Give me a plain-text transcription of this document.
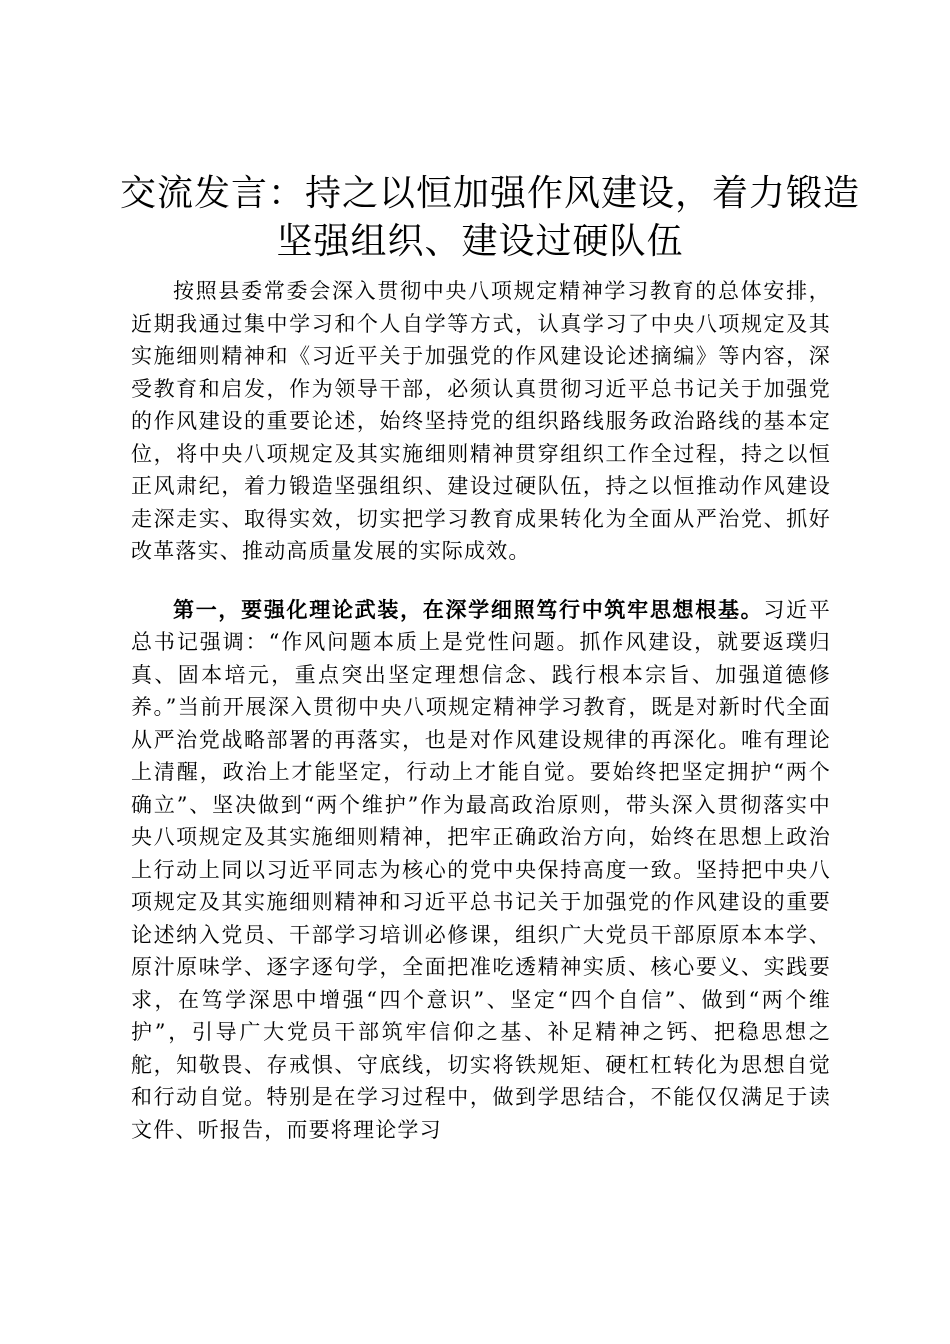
交流发言：持之以恒加强作风建设，着力锻造
坚强组织、建设过硬队伍

按照县委常委会深入贯彻中央八项规定精神学习教育的总体安排，近期我通过集中学习和个人自学等方式，认真学习了中央八项规定及其实施细则精神和《习近平关于加强党的作风建设论述摘编》等内容，深受教育和启发，作为领导干部，必须认真贯彻习近平总书记关于加强党的作风建设的重要论述，始终坚持党的组织路线服务政治路线的基本定位，将中央八项规定及其实施细则精神贯穿组织工作全过程，持之以恒正风肃纪，着力锻造坚强组织、建设过硬队伍，持之以恒推动作风建设走深走实、取得实效，切实把学习教育成果转化为全面从严治党、抓好改革落实、推动高质量发展的实际成效。

第一，要强化理论武装，在深学细照笃行中筑牢思想根基。习近平总书记强调：“作风问题本质上是党性问题。抓作风建设，就要返璞归真、固本培元，重点突出坚定理想信念、践行根本宗旨、加强道德修养。”当前开展深入贯彻中央八项规定精神学习教育，既是对新时代全面从严治党战略部署的再落实，也是对作风建设规律的再深化。唯有理论上清醒，政治上才能坚定，行动上才能自觉。要始终把坚定拥护“两个确立”、坚决做到“两个维护”作为最高政治原则，带头深入贯彻落实中央八项规定及其实施细则精神，把牢正确政治方向，始终在思想上政治上行动上同以习近平同志为核心的党中央保持高度一致。坚持把中央八项规定及其实施细则精神和习近平总书记关于加强党的作风建设的重要论述纳入党员、干部学习培训必修课，组织广大党员干部原原本本学、原汁原味学、逐字逐句学，全面把准吃透精神实质、核心要义、实践要求，在笃学深思中增强“四个意识”、坚定“四个自信”、做到“两个维护”，引导广大党员干部筑牢信仰之基、补足精神之钙、把稳思想之舵，知敬畏、存戒惧、守底线，切实将铁规矩、硬杠杠转化为思想自觉和行动自觉。特别是在学习过程中，做到学思结合，不能仅仅满足于读文件、听报告，而要将理论学习
